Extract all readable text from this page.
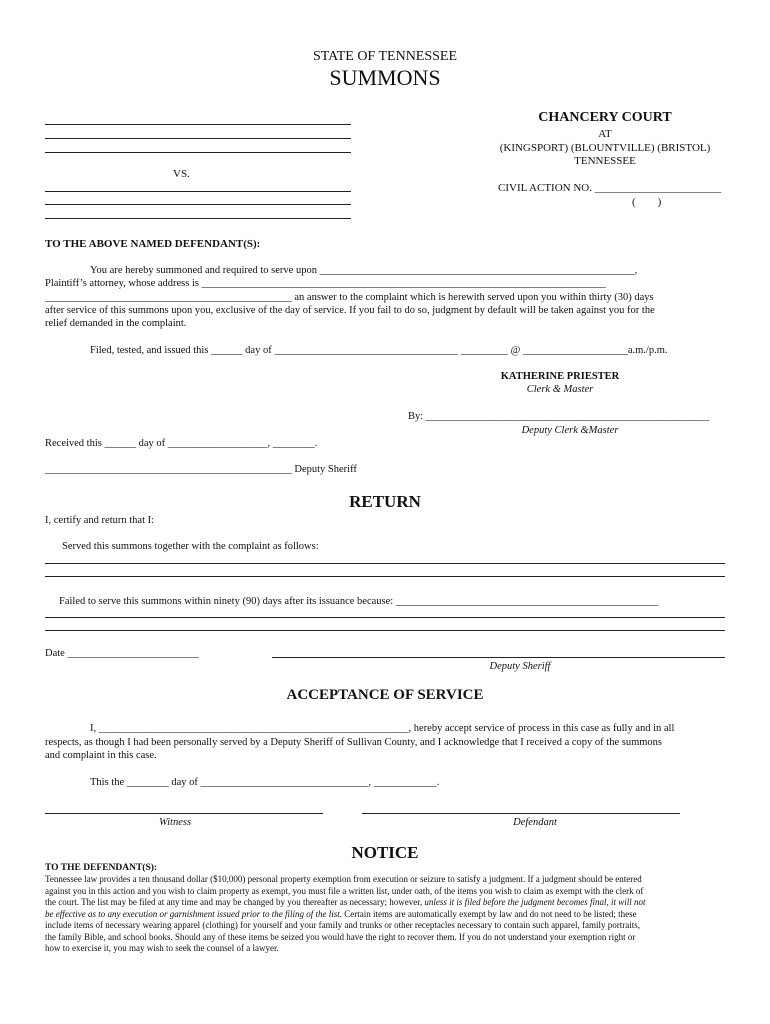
STATE OF TENNESSEE
SUMMONS
VS.
CHANCERY COURT
AT
(KINGSPORT) (BLOUNTVILLE) (BRISTOL)
TENNESSEE
CIVIL ACTION NO. _______________________
(        )
TO THE ABOVE NAMED DEFENDANT(S):
You are hereby summoned and required to serve upon ____________________________________________________________,
Plaintiff’s attorney, whose address is _____________________________________________________________________________
_______________________________________________ an answer to the complaint which is herewith served upon you within thirty (30) days
after service of this summons upon you, exclusive of the day of service. If you fail to do so, judgment by default will be taken against you for the
relief demanded in the complaint.
Filed, tested, and issued this ______ day of ___________________________________ _________ @ ____________________a.m./p.m.
KATHERINE PRIESTER
Clerk & Master
By: ______________________________________________________
Deputy Clerk &Master
Received this ______ day of ___________________, ________.
_______________________________________________ Deputy Sheriff
RETURN
I, certify and return that I:
Served this summons together with the complaint as follows:
Failed to serve this summons within ninety (90) days after its issuance because: __________________________________________________
Date _________________________
Deputy Sheriff
ACCEPTANCE OF SERVICE
I, ___________________________________________________________, hereby accept service of process in this case as fully and in all
respects, as though I had been personally served by a Deputy Sheriff of Sullivan County, and I acknowledge that I received a copy of the summons
and complaint in this case.
This the ________ day of ________________________________, ____________.
Witness	Defendant
NOTICE
TO THE DEFENDANT(S):
Tennessee law provides a ten thousand dollar ($10,000) personal property exemption from execution or seizure to satisfy a judgment. If a judgment should be entered
against you in this action and you wish to claim property as exempt, you must file a written list, under oath, of the items you wish to claim as exempt with the clerk of
the court. The list may be filed at any time and may be changed by you thereafter as necessary; however, unless it is filed before the judgment becomes final, it will not
be effective as to any execution or garnishment issued prior to the filing of the list. Certain items are automatically exempt by law and do not need to be listed; these
include items of necessary wearing apparel (clothing) for yourself and your family and trunks or other receptacles necessary to contain such apparel, family portraits,
the family Bible, and school books. Should any of these items be seized you would have the right to recover them. If you do not understand your exemption right or
how to exercise it, you may wish to seek the counsel of a lawyer.
